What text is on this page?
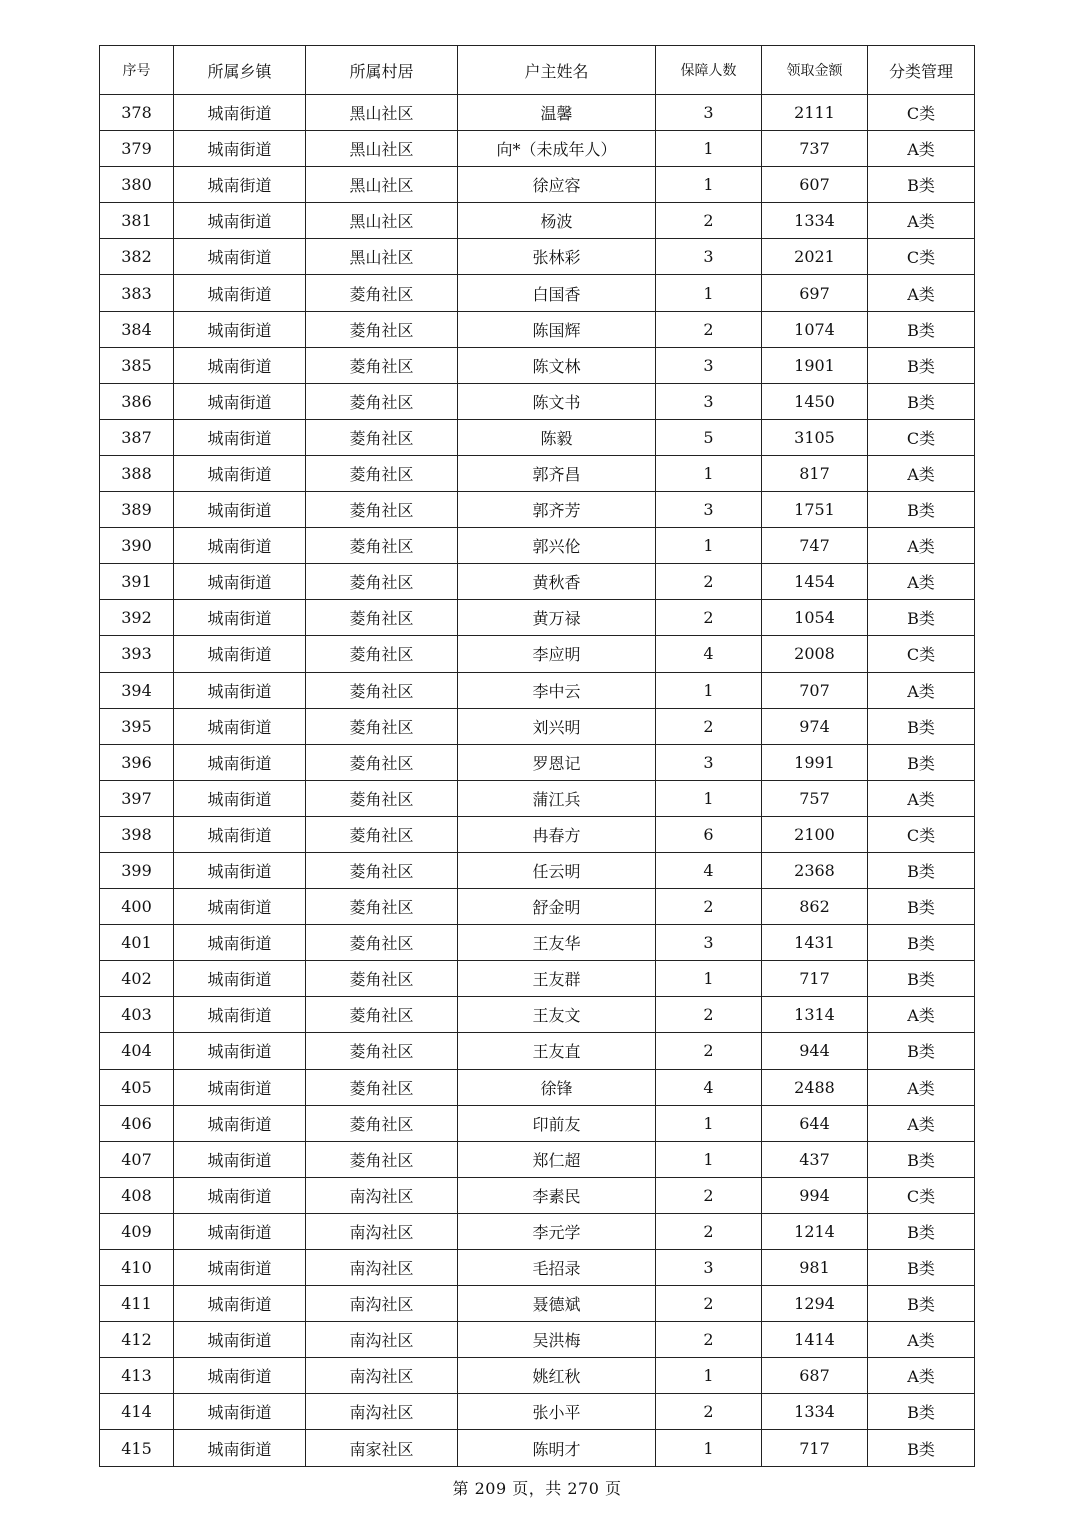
序号	所属乡镇	所属村居	户主姓名	保障人数	领取金额	分类管理
378	城南街道	黑山社区	温馨	3	2111	C类
379	城南街道	黑山社区	向*（未成年人）	1	737	A类
380	城南街道	黑山社区	徐应容	1	607	B类
381	城南街道	黑山社区	杨波	2	1334	A类
382	城南街道	黑山社区	张林彩	3	2021	C类
383	城南街道	菱角社区	白国香	1	697	A类
384	城南街道	菱角社区	陈国辉	2	1074	B类
385	城南街道	菱角社区	陈文林	3	1901	B类
386	城南街道	菱角社区	陈文书	3	1450	B类
387	城南街道	菱角社区	陈毅	5	3105	C类
388	城南街道	菱角社区	郭齐昌	1	817	A类
389	城南街道	菱角社区	郭齐芳	3	1751	B类
390	城南街道	菱角社区	郭兴伦	1	747	A类
391	城南街道	菱角社区	黄秋香	2	1454	A类
392	城南街道	菱角社区	黄万禄	2	1054	B类
393	城南街道	菱角社区	李应明	4	2008	C类
394	城南街道	菱角社区	李中云	1	707	A类
395	城南街道	菱角社区	刘兴明	2	974	B类
396	城南街道	菱角社区	罗恩记	3	1991	B类
397	城南街道	菱角社区	蒲江兵	1	757	A类
398	城南街道	菱角社区	冉春方	6	2100	C类
399	城南街道	菱角社区	任云明	4	2368	B类
400	城南街道	菱角社区	舒金明	2	862	B类
401	城南街道	菱角社区	王友华	3	1431	B类
402	城南街道	菱角社区	王友群	1	717	B类
403	城南街道	菱角社区	王友文	2	1314	A类
404	城南街道	菱角社区	王友直	2	944	B类
405	城南街道	菱角社区	徐锋	4	2488	A类
406	城南街道	菱角社区	印前友	1	644	A类
407	城南街道	菱角社区	郑仁超	1	437	B类
408	城南街道	南沟社区	李素民	2	994	C类
409	城南街道	南沟社区	李元学	2	1214	B类
410	城南街道	南沟社区	毛招录	3	981	B类
411	城南街道	南沟社区	聂德斌	2	1294	B类
412	城南街道	南沟社区	吴洪梅	2	1414	A类
413	城南街道	南沟社区	姚红秋	1	687	A类
414	城南街道	南沟社区	张小平	2	1334	B类
415	城南街道	南家社区	陈明才	1	717	B类
第 209 页，共 270 页
